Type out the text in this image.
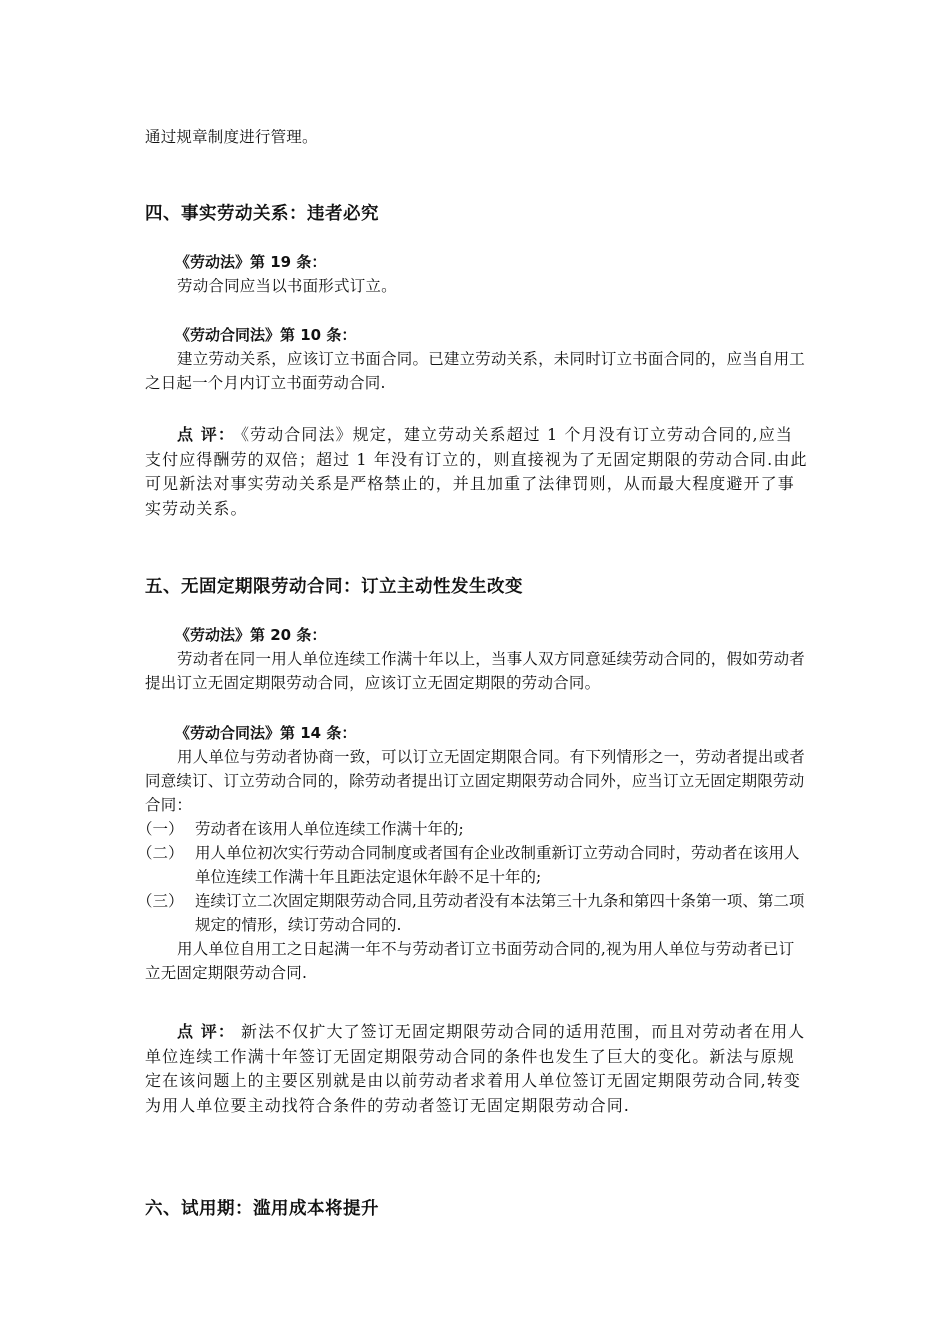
通过规章制度进行管理。

四、事实劳动关系：违者必究

《劳动法》第 19 条：

劳动合同应当以书面形式订立。

《劳动合同法》第 10 条：

建立劳动关系，应该订立书面合同。已建立劳动关系，未同时订立书面合同的，应当自用工之日起一个月内订立书面劳动合同.

点 评： 《劳动合同法》规定，建立劳动关系超过 1 个月没有订立劳动合同的,应当支付应得酬劳的双倍；超过 1 年没有订立的，则直接视为了无固定期限的劳动合同.由此可见新法对事实劳动关系是严格禁止的，并且加重了法律罚则，从而最大程度避开了事实劳动关系。

五、无固定期限劳动合同：订立主动性发生改变

《劳动法》第 20 条：

劳动者在同一用人单位连续工作满十年以上，当事人双方同意延续劳动合同的，假如劳动者提出订立无固定期限劳动合同，应该订立无固定期限的劳动合同。

《劳动合同法》第 14 条：

用人单位与劳动者协商一致，可以订立无固定期限合同。有下列情形之一，劳动者提出或者同意续订、订立劳动合同的，除劳动者提出订立固定期限劳动合同外，应当订立无固定期限劳动合同：

（一） 劳动者在该用人单位连续工作满十年的;
（二） 用人单位初次实行劳动合同制度或者国有企业改制重新订立劳动合同时，劳动者在该用人单位连续工作满十年且距法定退休年龄不足十年的;
（三） 连续订立二次固定期限劳动合同,且劳动者没有本法第三十九条和第四十条第一项、第二项规定的情形，续订劳动合同的.

用人单位自用工之日起满一年不与劳动者订立书面劳动合同的,视为用人单位与劳动者已订立无固定期限劳动合同.

点 评： 新法不仅扩大了签订无固定期限劳动合同的适用范围，而且对劳动者在用人单位连续工作满十年签订无固定期限劳动合同的条件也发生了巨大的变化。新法与原规定在该问题上的主要区别就是由以前劳动者求着用人单位签订无固定期限劳动合同,转变为用人单位要主动找符合条件的劳动者签订无固定期限劳动合同.

六、试用期：滥用成本将提升
